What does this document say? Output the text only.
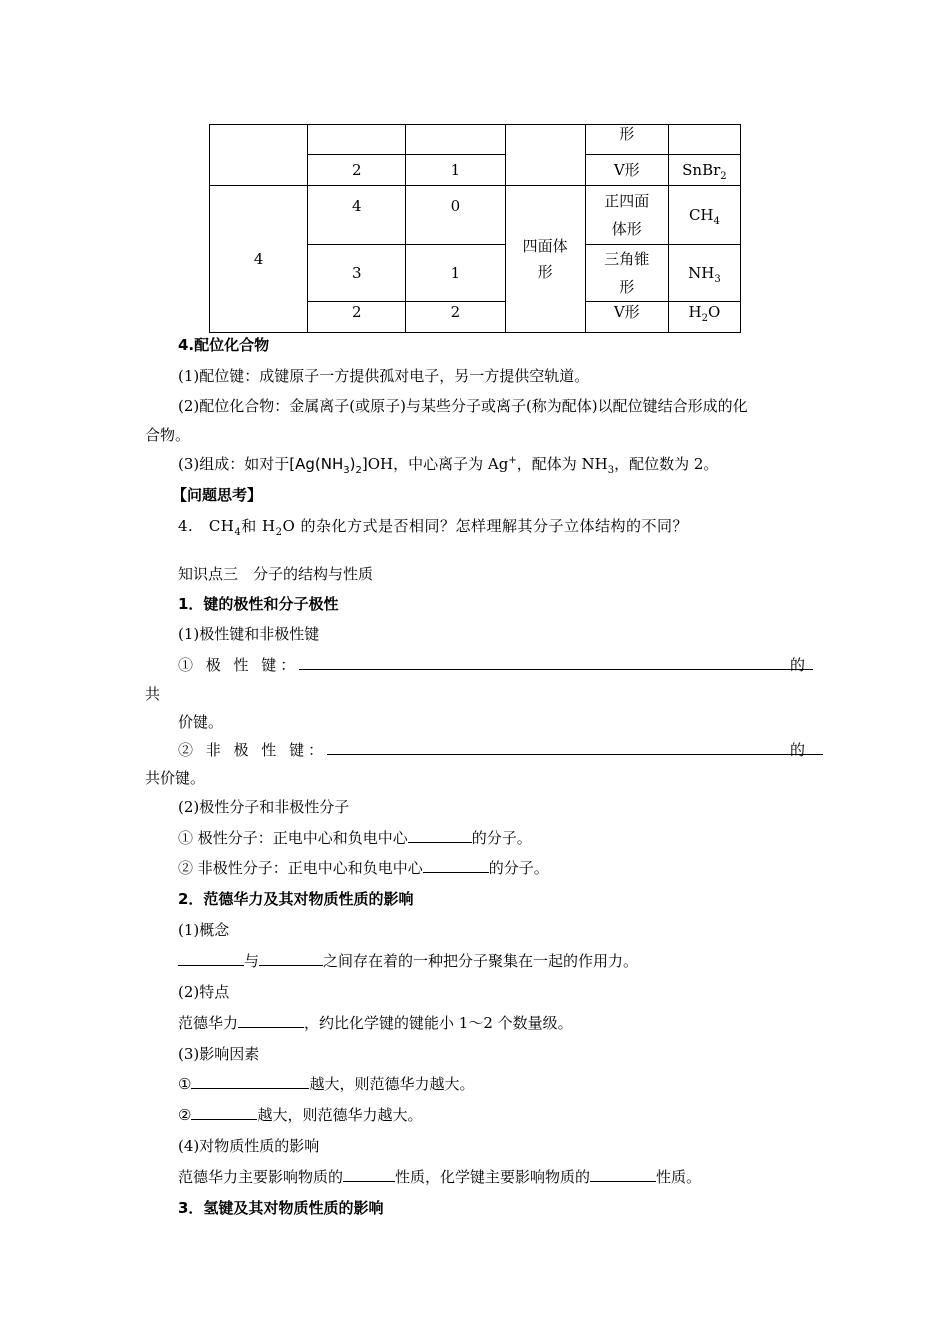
				形	
	2	1		V形	SnBr$_2$
4	4	0	四面体形	正四面体形	$CH_4$
	3	1		三角锥形	$NH_3$
	2	2		V形	$H_2O$
4.配位化合物
(1)配位键：成键原子一方提供孤对电子，另一方提供空轨道。
(2)配位化合物：金属离子(或原子)与某些分子或离子(称为配体)以配位键结合形成的化
合物。
(3)组成：如对于$[Ag(NH_3)_2]OH$，中心离子为 Ag+，配体为 $NH_3$，配位数为 2。
【问题思考】
4.  $CH_4$和 $H_2O$ 的杂化方式是否相同？怎样理解其分子立体结构的不同？
知识点三　分子的结构与性质
1．键的极性和分子极性
(1)极性键和非极性键
① 极 性 键：	的
共
价键。
② 非 极 性 键：	的
共价键。
(2)极性分子和非极性分子
① 极性分子：正电中心和负电中心	的分子。
② 非极性分子：正电中心和负电中心	的分子。
2．范德华力及其对物质性质的影响
(1)概念
与	之间存在着的一种把分子聚集在一起的作用力。
(2)特点
范德华力	，约比化学键的键能小 1～2 个数量级。
(3)影响因素
①	越大，则范德华力越大。
②	越大，则范德华力越大。
(4)对物质性质的影响
范德华力主要影响物质的	性质，化学键主要影响物质的	性质。
3．氢键及其对物质性质的影响
